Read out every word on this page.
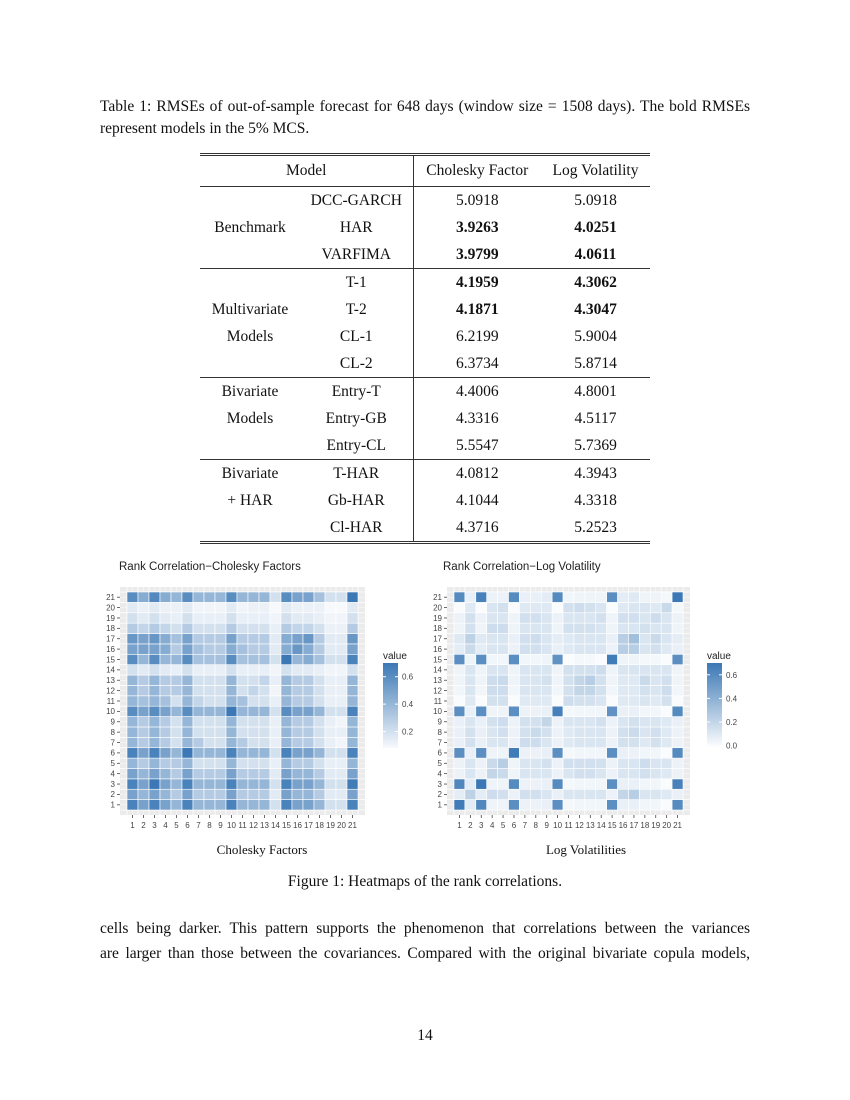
Table 1: RMSEs of out-of-sample forecast for 648 days (window size = 1508 days). The bold RMSEs represent models in the 5% MCS.
Model		Cholesky Factor	Log Volatility
	DCC-GARCH	5.0918	5.0918
Benchmark	HAR	3.9263	4.0251
	VARFIMA	3.9799	4.0611
	T-1	4.1959	4.3062
Multivariate	T-2	4.1871	4.3047
Models	CL-1	6.2199	5.9004
	CL-2	6.3734	5.8714
Bivariate	Entry-T	4.4006	4.8001
Models	Entry-GB	4.3316	4.5117
	Entry-CL	5.5547	5.7369
Bivariate	T-HAR	4.0812	4.3943
+ HAR	Gb-HAR	4.1044	4.3318
	Cl-HAR	4.3716	5.2523
Rank Correlation−Cholesky Factors	Rank Correlation−Log Volatility
1 2 3 4 5 6 7 8 9 10 11 12 13 14 15 16 17 18 19 20 21
1
2
3
4
5
6
7
8
9
10
11
12
13
14
15
16
17
18
19
20
21
value
0.2
0.4
0.6
1 2 3 4 5 6 7 8 9 10 11 12 13 14 15 16 17 18 19 20 21
1
2
3
4
5
6
7
8
9
10
11
12
13
14
15
16
17
18
19
20
21
value
0.0
0.2
0.4
0.6
Cholesky Factors	Log Volatilities
Figure 1: Heatmaps of the rank correlations.
cells being darker. This pattern supports the phenomenon that correlations between the variances
are larger than those between the covariances. Compared with the original bivariate copula models,
14
